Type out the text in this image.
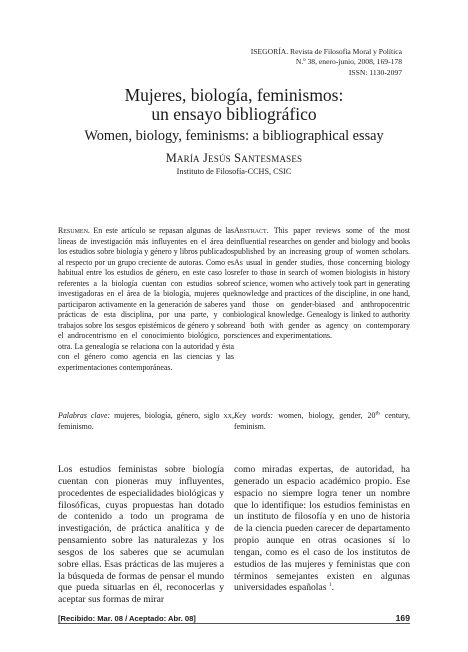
ISEGORÍA. Revista de Filosofía Moral y Política
N.º 38, enero-junio, 2008, 169-178
ISSN: 1130-2097
Mujeres, biología, feminismos:
un ensayo bibliográfico
Women, biology, feminisms: a bibliographical essay
María Jesús Santesmases
Instituto de Filosofía-CCHS, CSIC
Resumen. En este artículo se repasan algunas de las líneas de investigación más influyentes en el área de los estudios sobre biología y género y libros publicados al respecto por un grupo creciente de autoras. Como es habitual entre los estudios de género, en este caso los referentes a la biología cuentan con estudios sobre investigadoras en el área de la biología, mujeres que participaron activamente en la generación de saberes y prácticas de esta disciplina, por una parte, y con trabajos sobre los sesgos epistémicos de género y sobre el androcentrismo en el conocimiento biológico, por otra. La genealogía se relaciona con la autoridad y ésta con el género como agencia en las ciencias y las experimentaciones contemporáneas.
Abstract. This paper reviews some of the most influential researches on gender and biology and books published by an increasing group of women scholars. As usual in gender studies, those concerning biology refer to those in search of women biologists in history of science, women who actively took part in generating knowledge and practices of the discipline, in one hand, and those on gender-biased and anthropocentric biological knowledge. Genealogy is linked to authority and both with gender as agency on contemporary sciences and experimentations.
Palabras clave: mujeres, biología, género, siglo xx, feminismo.
Key words: women, biology, gender, 20th century, feminism.
Los estudios feministas sobre biología cuentan con pioneras muy influyentes, procedentes de especialidades biológicas y filosóficas, cuyas propuestas han dotado de contenido a todo un programa de investigación, de práctica analítica y de pensamiento sobre las naturalezas y los sesgos de los saberes que se acumulan sobre ellas. Esas prácticas de las mujeres a la búsqueda de formas de pensar el mundo que pueda situarlas en él, reconocerlas y aceptar sus formas de mirar
como miradas expertas, de autoridad, ha generado un espacio académico propio. Ese espacio no siempre logra tener un nombre que lo identifique: los estudios feministas en un instituto de filosofía y en uno de historia de la ciencia pueden carecer de departamento propio aunque en otras ocasiones sí lo tengan, como es el caso de los institutos de estudios de las mujeres y feministas que con términos semejantes existen en algunas universidades españolas $^1$.
[Recibido: Mar. 08 / Aceptado: Abr. 08]	169
